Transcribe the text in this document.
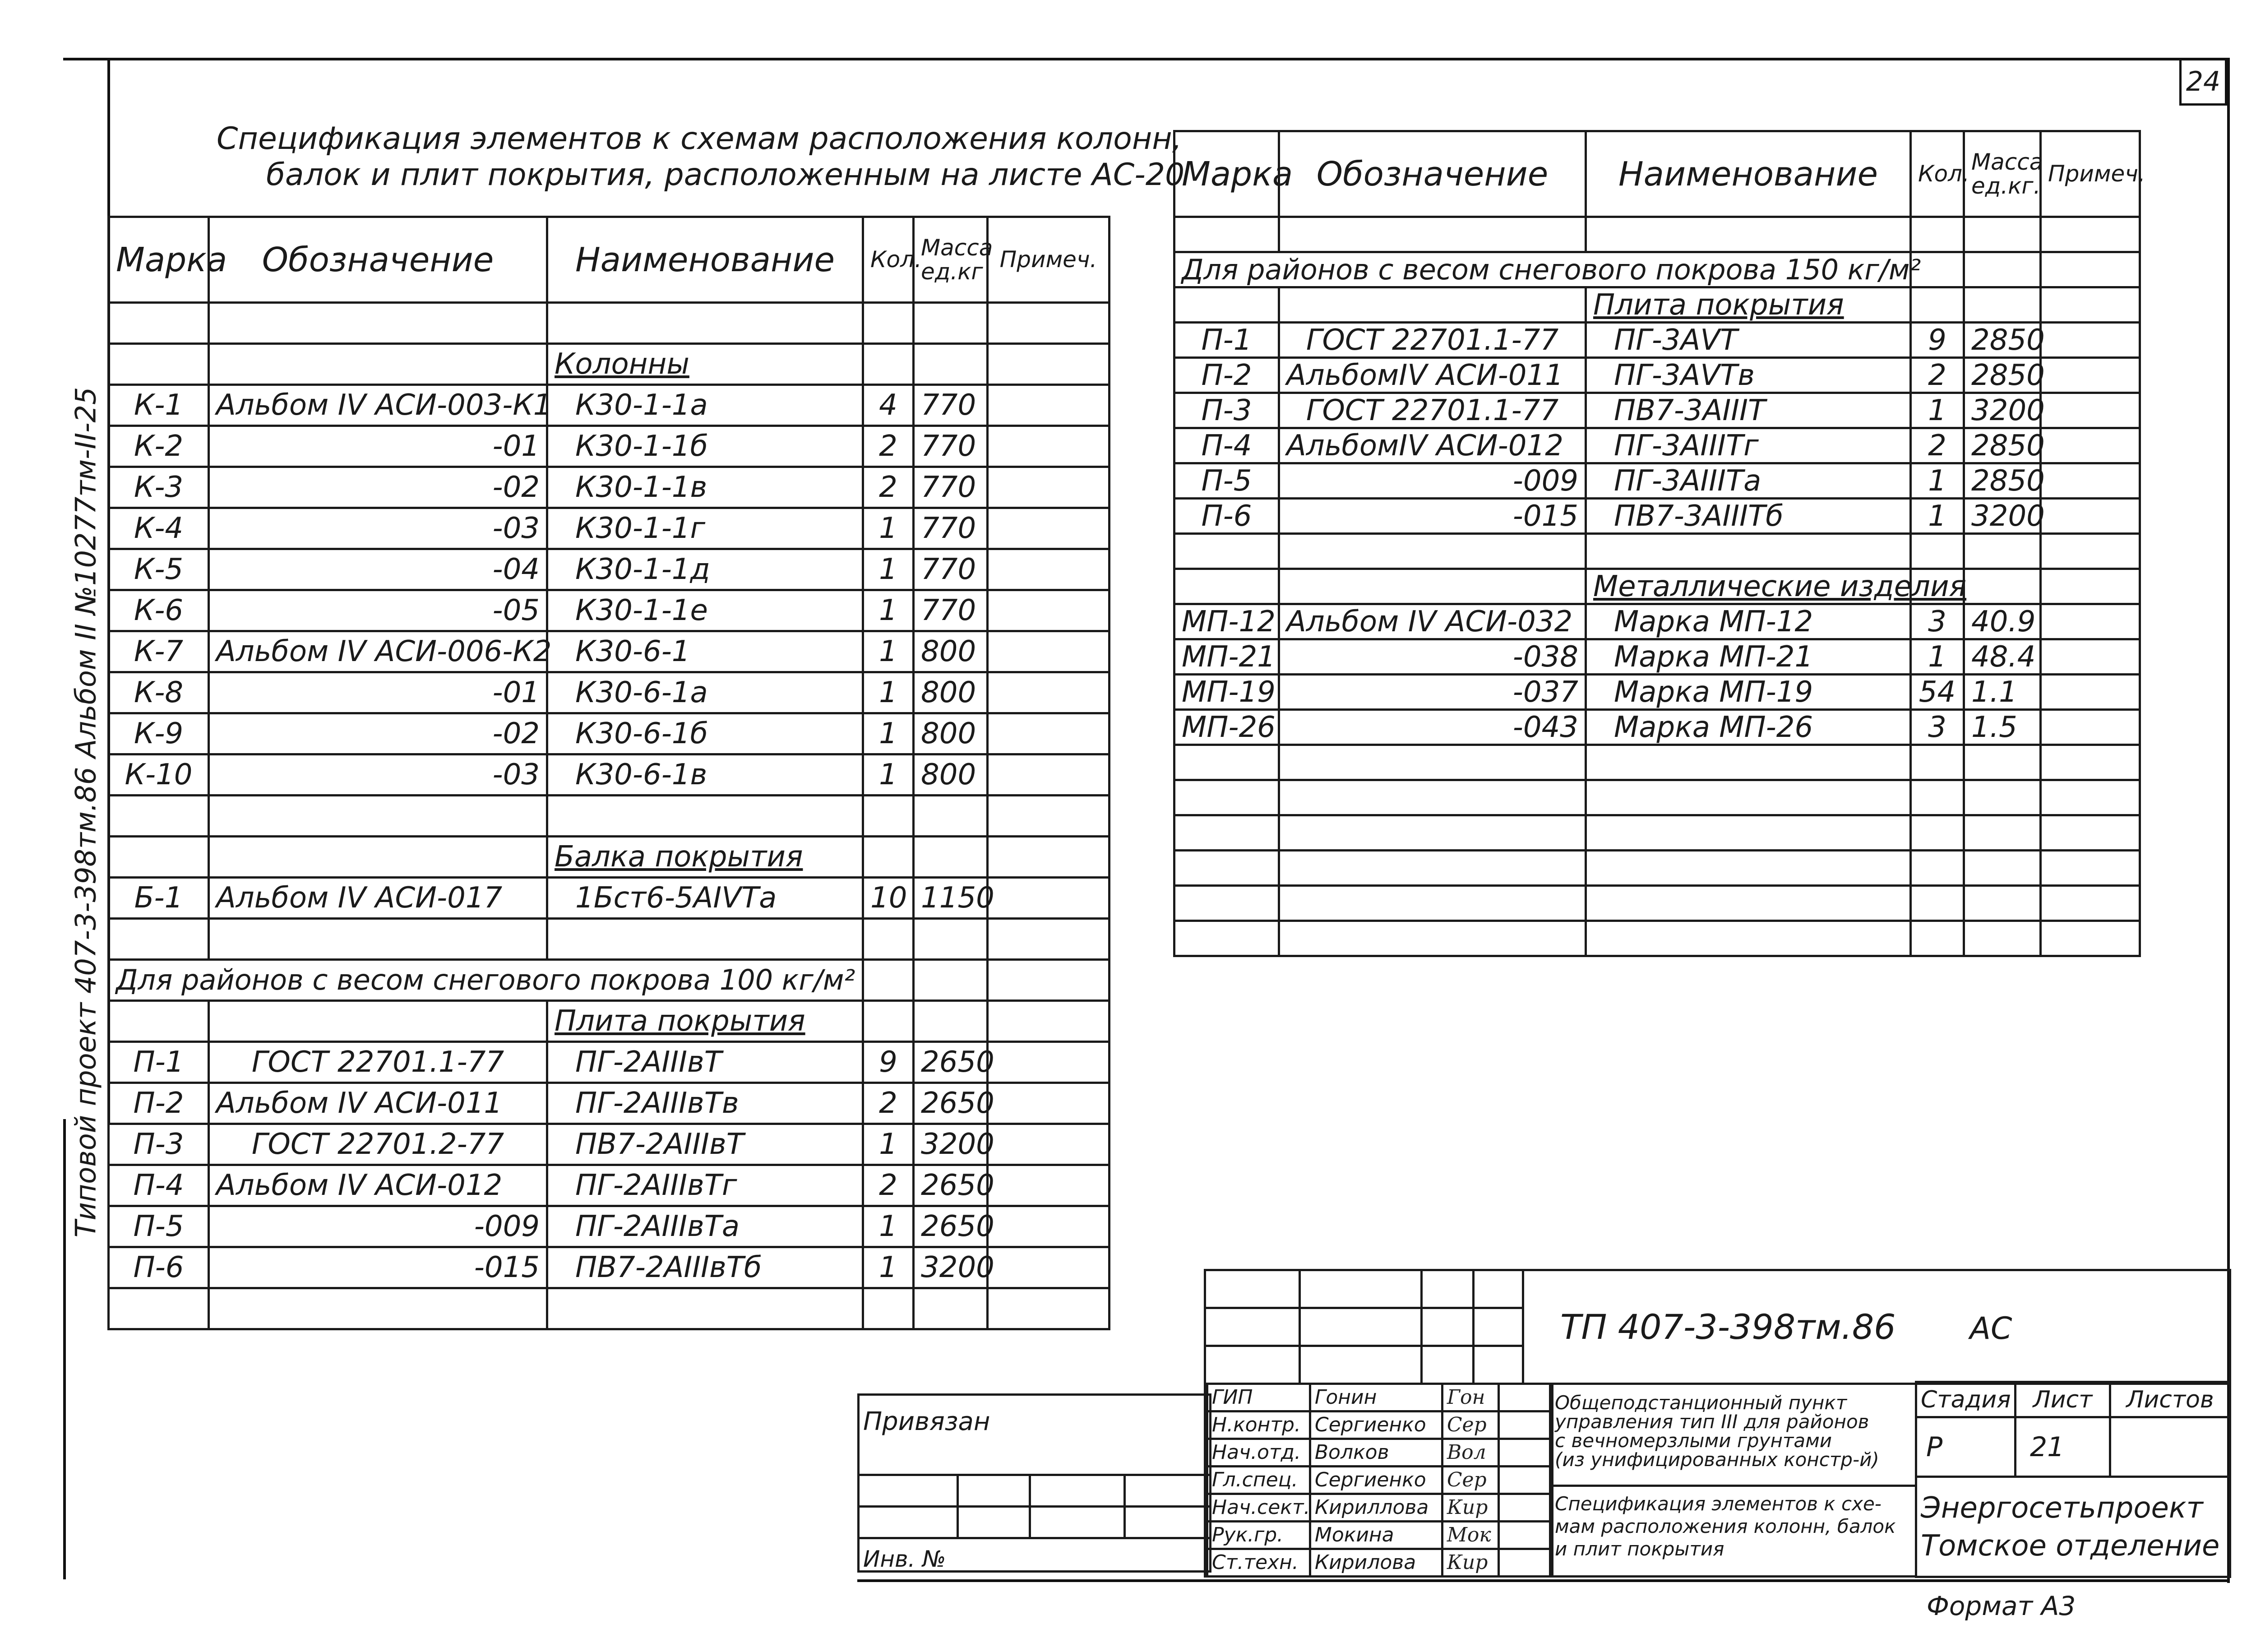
24
Типовой проект 407-3-398тм.86 Альбом II №10277тм-II-25
Спецификация элементов к схемам расположения колонн,
балок и плит покрытия, расположенным на листе АС-20
Марка	Обозначение	Наименование	Кол.	Масса ед.кг	Примеч.

		Колонны			
К-1	Альбом IV АСИ-003-К1	К30-1-1а	4	770	
К-2	-01	К30-1-1б	2	770	
К-3	-02	К30-1-1в	2	770	
К-4	-03	К30-1-1г	1	770	
К-5	-04	К30-1-1д	1	770	
К-6	-05	К30-1-1е	1	770	
К-7	Альбом IV АСИ-006-К2	К30-6-1	1	800	
К-8	-01	К30-6-1а	1	800	
К-9	-02	К30-6-1б	1	800	
К-10	-03	К30-6-1в	1	800	

		Балка покрытия			
Б-1	Альбом IV АСИ-017	1Бст6-5АIVТа	10	1150	

Для районов с весом снегового покрова 100 кг/м²					
		Плита покрытия			
П-1	ГОСТ 22701.1-77	ПГ-2АIIIвТ	9	2650	
П-2	Альбом IV АСИ-011	ПГ-2АIIIвТв	2	2650	
П-3	ГОСТ 22701.2-77	ПВ7-2АIIIвТ	1	3200	
П-4	Альбом IV АСИ-012	ПГ-2АIIIвТг	2	2650	
П-5	-009	ПГ-2АIIIвТа	1	2650	
П-6	-015	ПВ7-2АIIIвТб	1	3200	

Марка	Обозначение	Наименование	Кол.	Масса ед.кг.	Примеч.

Для районов с весом снегового покрова 150 кг/м²					
		Плита покрытия			
П-1	ГОСТ 22701.1-77	ПГ-3АVТ	9	2850	
П-2	АльбомIV АСИ-011	ПГ-3АVТв	2	2850	
П-3	ГОСТ 22701.1-77	ПВ7-3АIIIТ	1	3200	
П-4	АльбомIV АСИ-012	ПГ-3АIIIТг	2	2850	
П-5	-009	ПГ-3АIIIТа	1	2850	
П-6	-015	ПВ7-3АIIIТб	1	3200	

		Металлические изделия			
МП-12	Альбом IV АСИ-032	Марка МП-12	3	40.9	
МП-21	-038	Марка МП-21	1	48.4	
МП-19	-037	Марка МП-19	54	1.1	
МП-26	-043	Марка МП-26	3	1.5	

Привязан			

Инв. №			
				ТП 407-3-398тм.86 АС

ГИП	Гонин	Гон	
Н.контр.	Сергиенко	Сер	
Нач.отд.	Волков	Вол	
Гл.спец.	Сергиенко	Сер	
Нач.сект.	Кириллова	Кир	
Рук.гр.	Мокина	Мок	
Ст.техн.	Кирилова	Кир	
Общеподстанционный пункт
управления тип III для районов
с вечномерзлыми грунтами
(из унифицированных констр-й)
Спецификация элементов к схе-
мам расположения колонн, балок
и плит покрытия
Стадия	Лист	Листов
Р	21	

Энергосетьпроект
Томское отделение		
Формат А3
